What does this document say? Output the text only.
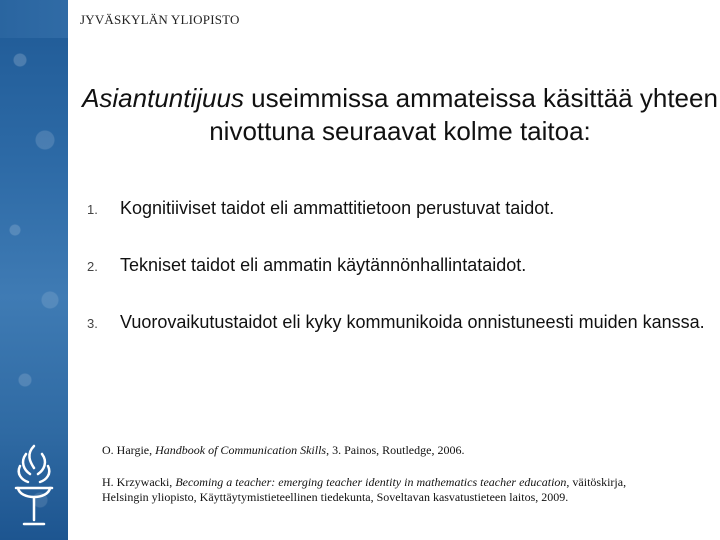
JYVÄSKYLÄN YLIOPISTO
Asiantuntijuus useimmissa ammateissa käsittää yhteen nivottuna seuraavat kolme taitoa:
1. Kognitiiviset taidot eli ammattitietoon perustuvat taidot.
2. Tekniset taidot eli ammatin käytännönhallintataidot.
3. Vuorovaikutustaidot eli kyky kommunikoida onnistuneesti muiden kanssa.

O. Hargie, Handbook of Communication Skills, 3. Painos, Routledge, 2006.

H. Krzywacki, Becoming a teacher: emerging teacher identity in mathematics teacher education, väitöskirja, Helsingin yliopisto, Käyttäytymistieteellinen tiedekunta, Soveltavan kasvatustieteen laitos, 2009.
